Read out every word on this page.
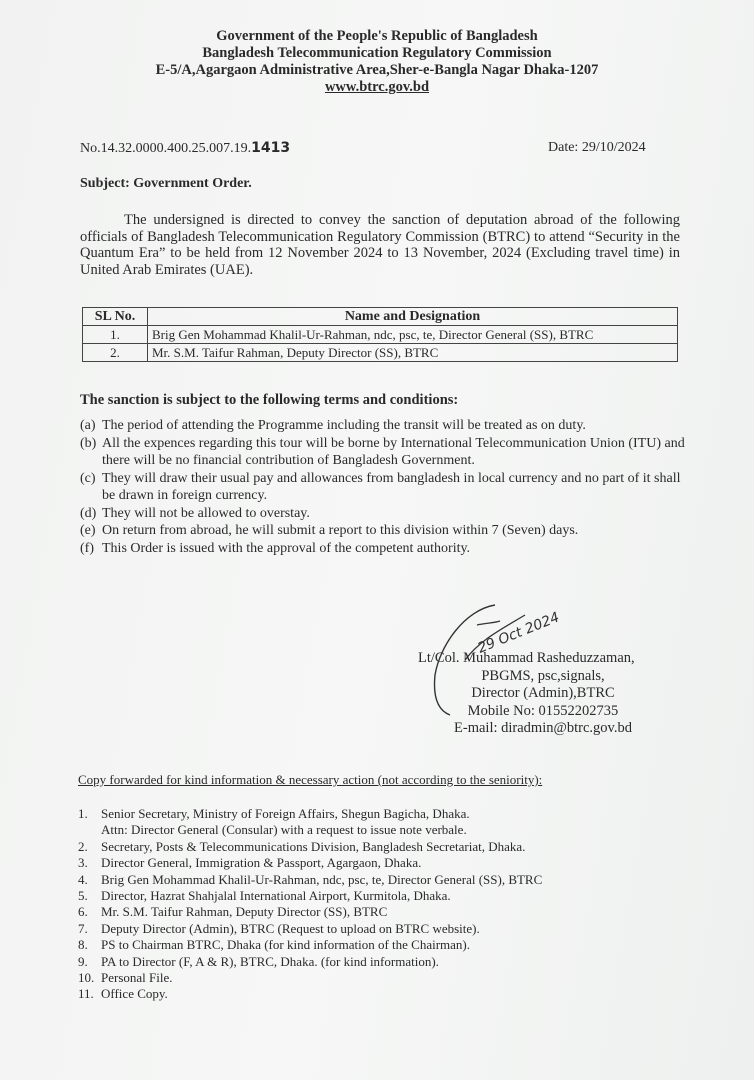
Government of the People's Republic of Bangladesh
Bangladesh Telecommunication Regulatory Commission
E-5/A,Agargaon Administrative Area,Sher-e-Bangla Nagar Dhaka-1207
www.btrc.gov.bd
No.14.32.0000.400.25.007.19.1413	Date: 29/10/2024
Subject: Government Order.
The undersigned is directed to convey the sanction of deputation abroad of the following officials of Bangladesh Telecommunication Regulatory Commission (BTRC) to attend “Security in the Quantum Era” to be held from 12 November 2024 to 13 November, 2024 (Excluding travel time) in United Arab Emirates (UAE).
SL No.	Name and Designation
1.	Brig Gen Mohammad Khalil-Ur-Rahman, ndc, psc, te, Director General (SS), BTRC
2.	Mr. S.M. Taifur Rahman, Deputy Director (SS), BTRC
The sanction is subject to the following terms and conditions:
(a) The period of attending the Programme including the transit will be treated as on duty.
(b) All the expences regarding this tour will be borne by International Telecommunication Union (ITU) and there will be no financial contribution of Bangladesh Government.
(c) They will draw their usual pay and allowances from bangladesh in local currency and no part of it shall be drawn in foreign currency.
(d) They will not be allowed to overstay.
(e) On return from abroad, he will submit a report to this division within 7 (Seven) days.
(f) This Order is issued with the approval of the competent authority.
29 Oct 2024
Lt/Col. Muhammad Rasheduzzaman,
PBGMS, psc,signals,
Director (Admin),BTRC
Mobile No: 01552202735
E-mail: diradmin@btrc.gov.bd
Copy forwarded for kind information & necessary action (not according to the seniority):
1.	Senior Secretary, Ministry of Foreign Affairs, Shegun Bagicha, Dhaka.
Attn: Director General (Consular) with a request to issue note verbale.
2.	Secretary, Posts & Telecommunications Division, Bangladesh Secretariat, Dhaka.
3.	Director General, Immigration & Passport, Agargaon, Dhaka.
4.	Brig Gen Mohammad Khalil-Ur-Rahman, ndc, psc, te, Director General (SS), BTRC
5.	Director, Hazrat Shahjalal International Airport, Kurmitola, Dhaka.
6.	Mr. S.M. Taifur Rahman, Deputy Director (SS), BTRC
7.	Deputy Director (Admin), BTRC (Request to upload on BTRC website).
8.	PS to Chairman BTRC, Dhaka (for kind information of the Chairman).
9.	PA to Director (F, A & R), BTRC, Dhaka. (for kind information).
10. Personal File.
11. Office Copy.
